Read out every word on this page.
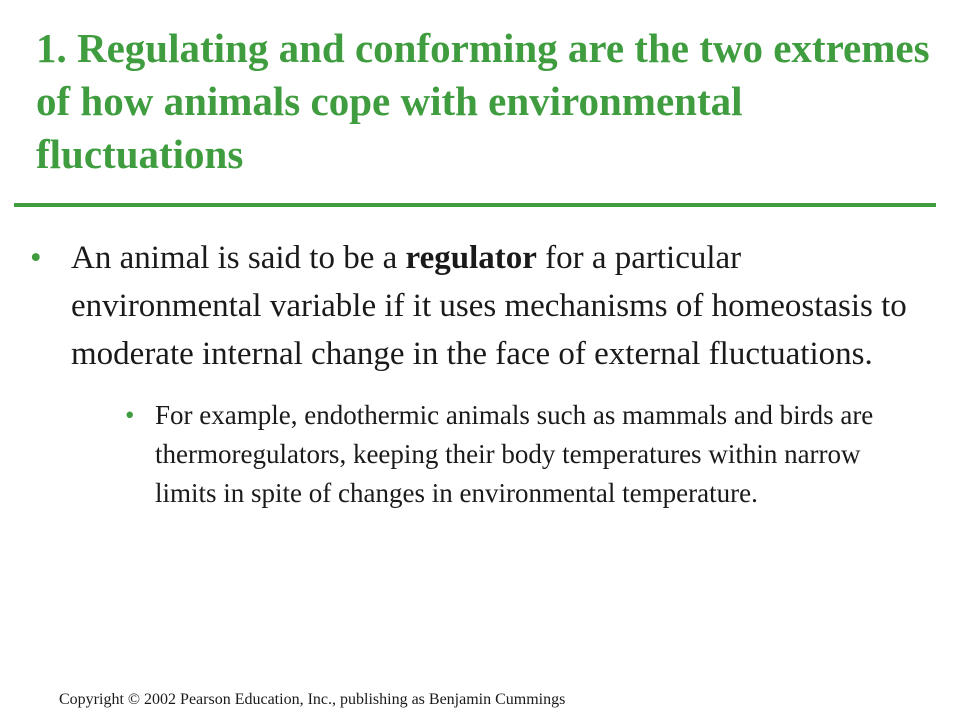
1. Regulating and conforming are the two extremes of how animals cope with environmental fluctuations
• An animal is said to be a regulator for a particular environmental variable if it uses mechanisms of homeostasis to moderate internal change in the face of external fluctuations.
• For example, endothermic animals such as mammals and birds are thermoregulators, keeping their body temperatures within narrow limits in spite of changes in environmental temperature.
Copyright © 2002 Pearson Education, Inc., publishing as Benjamin Cummings
